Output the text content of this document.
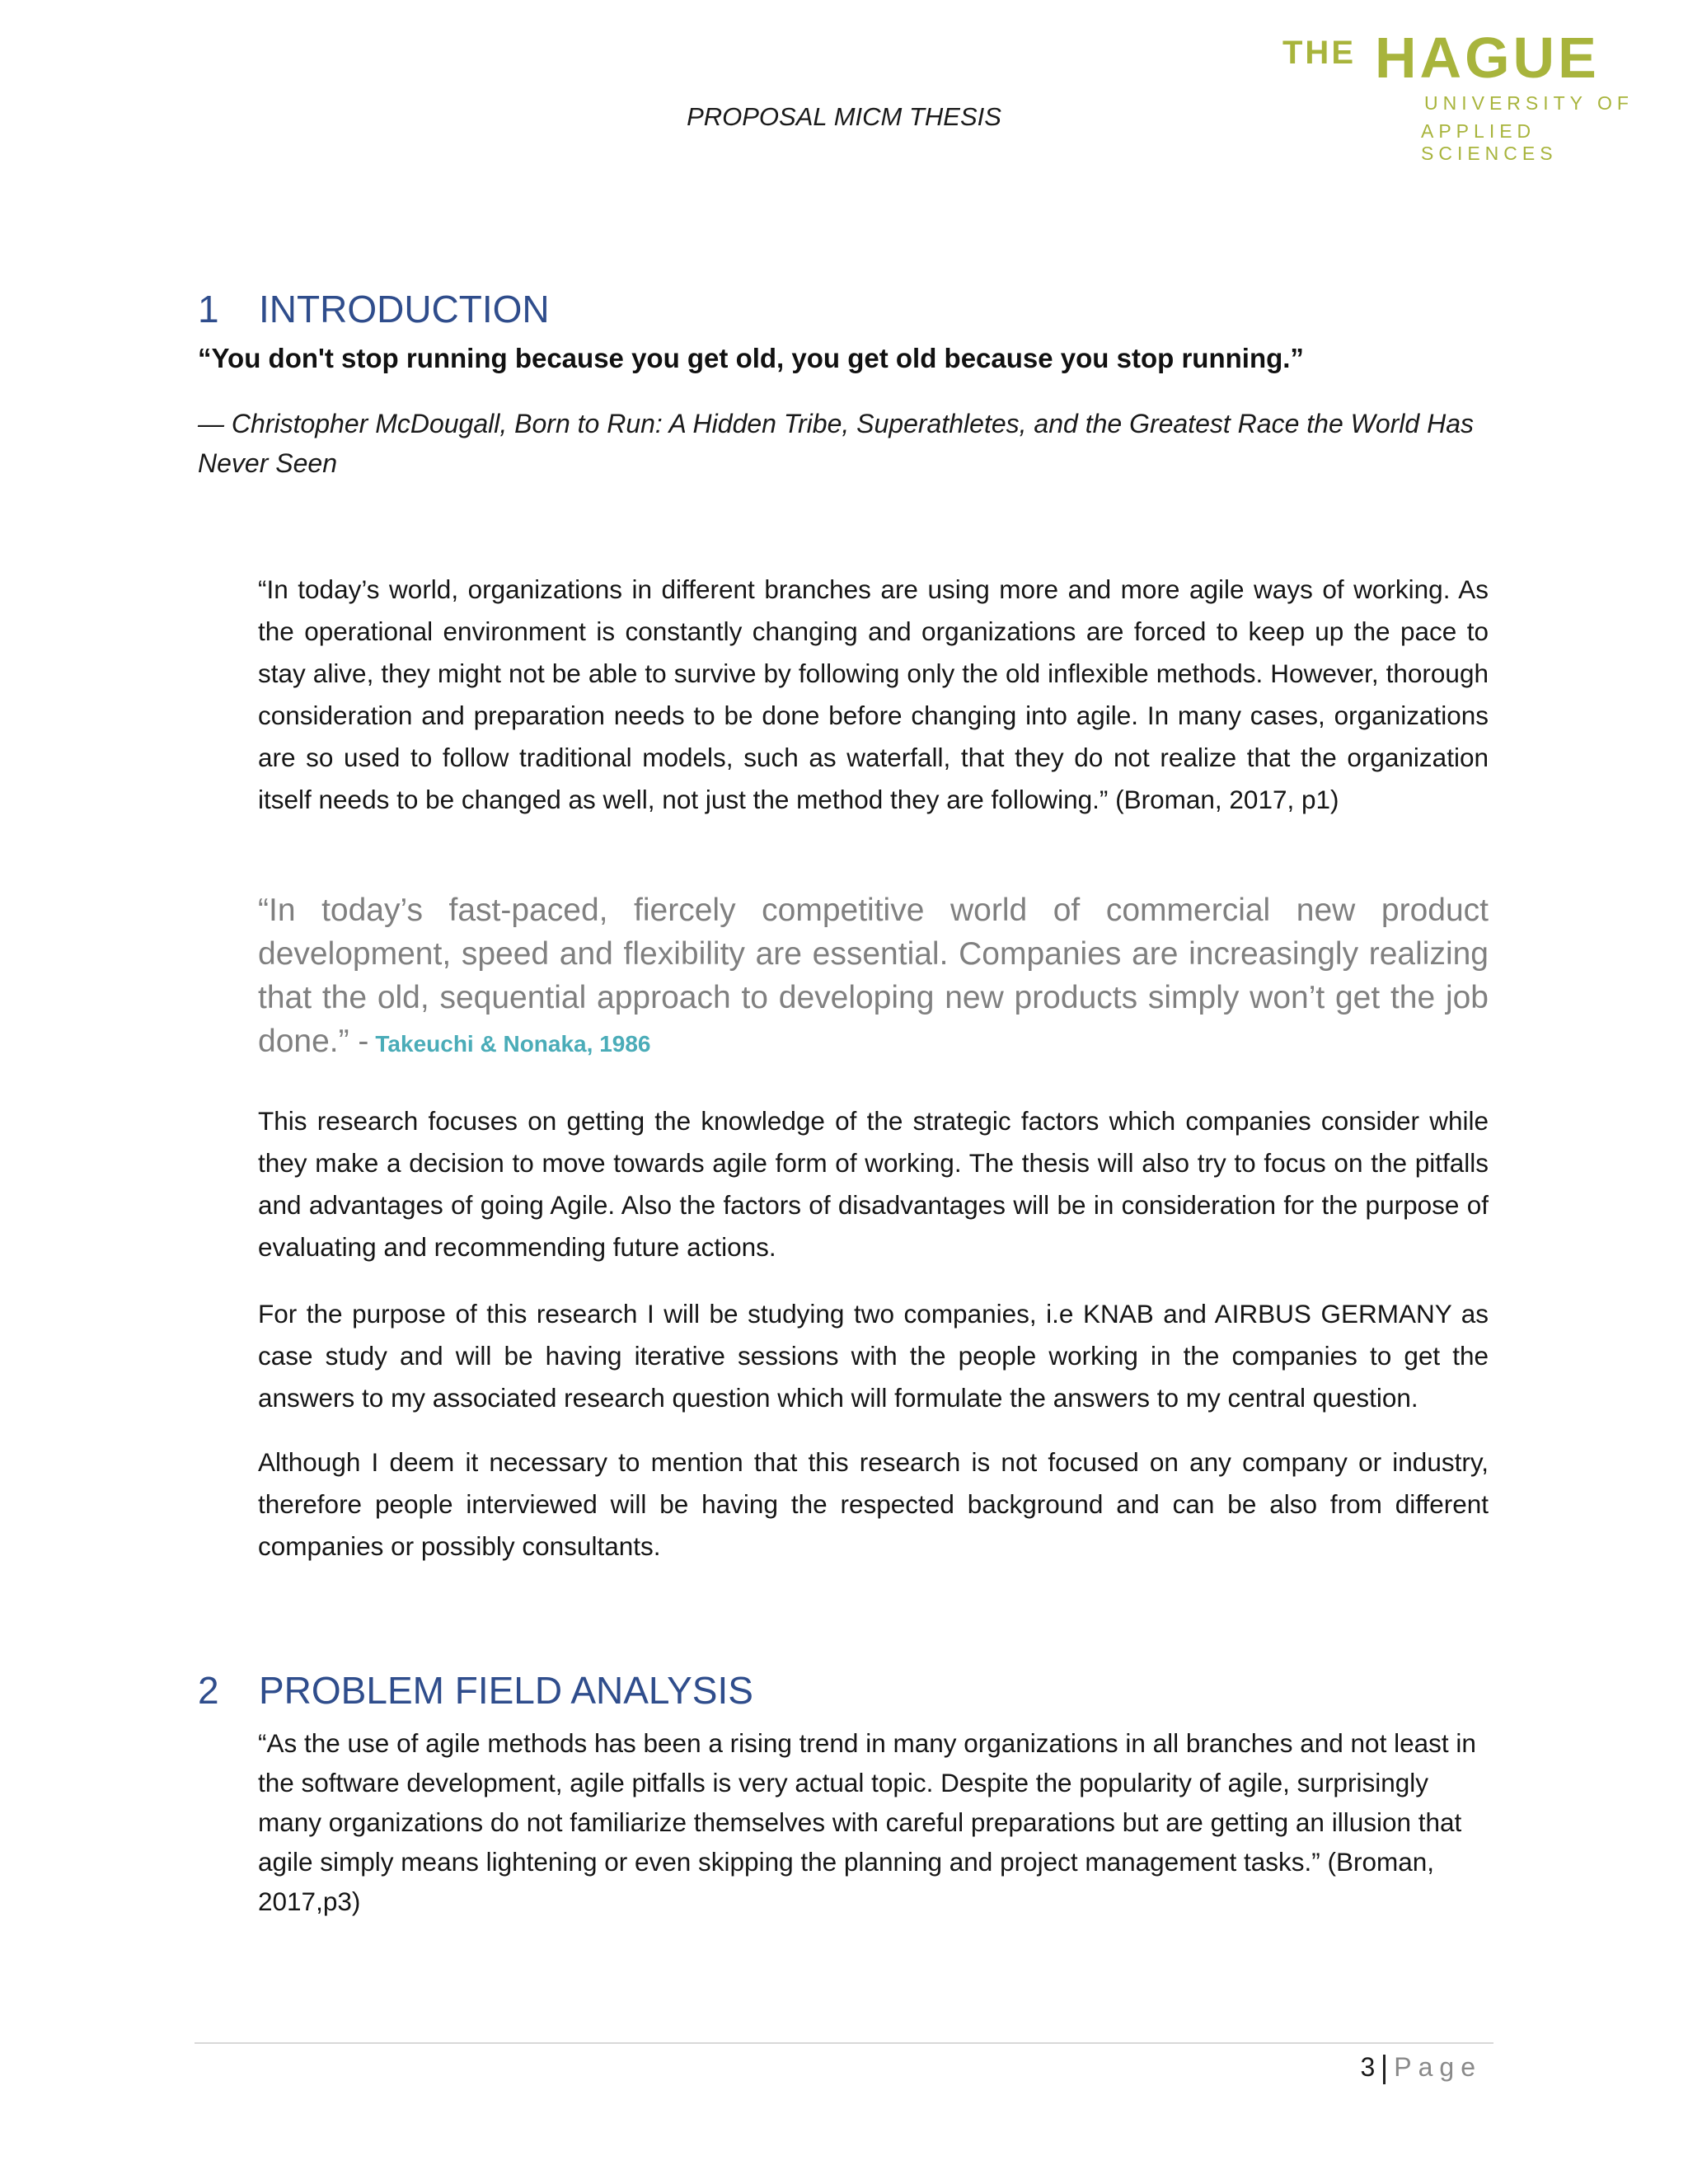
PROPOSAL MICM THESIS
THE HAGUE
UNIVERSITY OF
APPLIED SCIENCES
1 INTRODUCTION
“You don't stop running because you get old, you get old because you stop running.”
— Christopher McDougall, Born to Run: A Hidden Tribe, Superathletes, and the Greatest Race the World Has Never Seen
“In today’s world, organizations in different branches are using more and more agile ways of working. As the operational environment is constantly changing and organizations are forced to keep up the pace to stay alive, they might not be able to survive by following only the old inflexible methods. However, thorough consideration and preparation needs to be done before changing into agile. In many cases, organizations are so used to follow traditional models, such as waterfall, that they do not realize that the organization itself needs to be changed as well, not just the method they are following.” (Broman, 2017, p1)
“In today’s fast-paced, fiercely competitive world of commercial new product development, speed and flexibility are essential. Companies are increasingly realizing that the old, sequential approach to developing new products simply won’t get the job done.” - Takeuchi & Nonaka, 1986
This research focuses on getting the knowledge of the strategic factors which companies consider while they make a decision to move towards agile form of working. The thesis will also try to focus on the pitfalls and advantages of going Agile. Also the factors of disadvantages will be in consideration for the purpose of evaluating and recommending future actions.
For the purpose of this research I will be studying two companies, i.e KNAB and AIRBUS GERMANY as case study and will be having iterative sessions with the people working in the companies to get the answers to my associated research question which will formulate the answers to my central question.
Although I deem it necessary to mention that this research is not focused on any company or industry, therefore people interviewed will be having the respected background and can be also from different companies or possibly consultants.
2 PROBLEM FIELD ANALYSIS
“As the use of agile methods has been a rising trend in many organizations in all branches and not least in the software development, agile pitfalls is very actual topic. Despite the popularity of agile, surprisingly many organizations do not familiarize themselves with careful preparations but are getting an illusion that agile simply means lightening or even skipping the planning and project management tasks.” (Broman, 2017,p3)
3 Page
